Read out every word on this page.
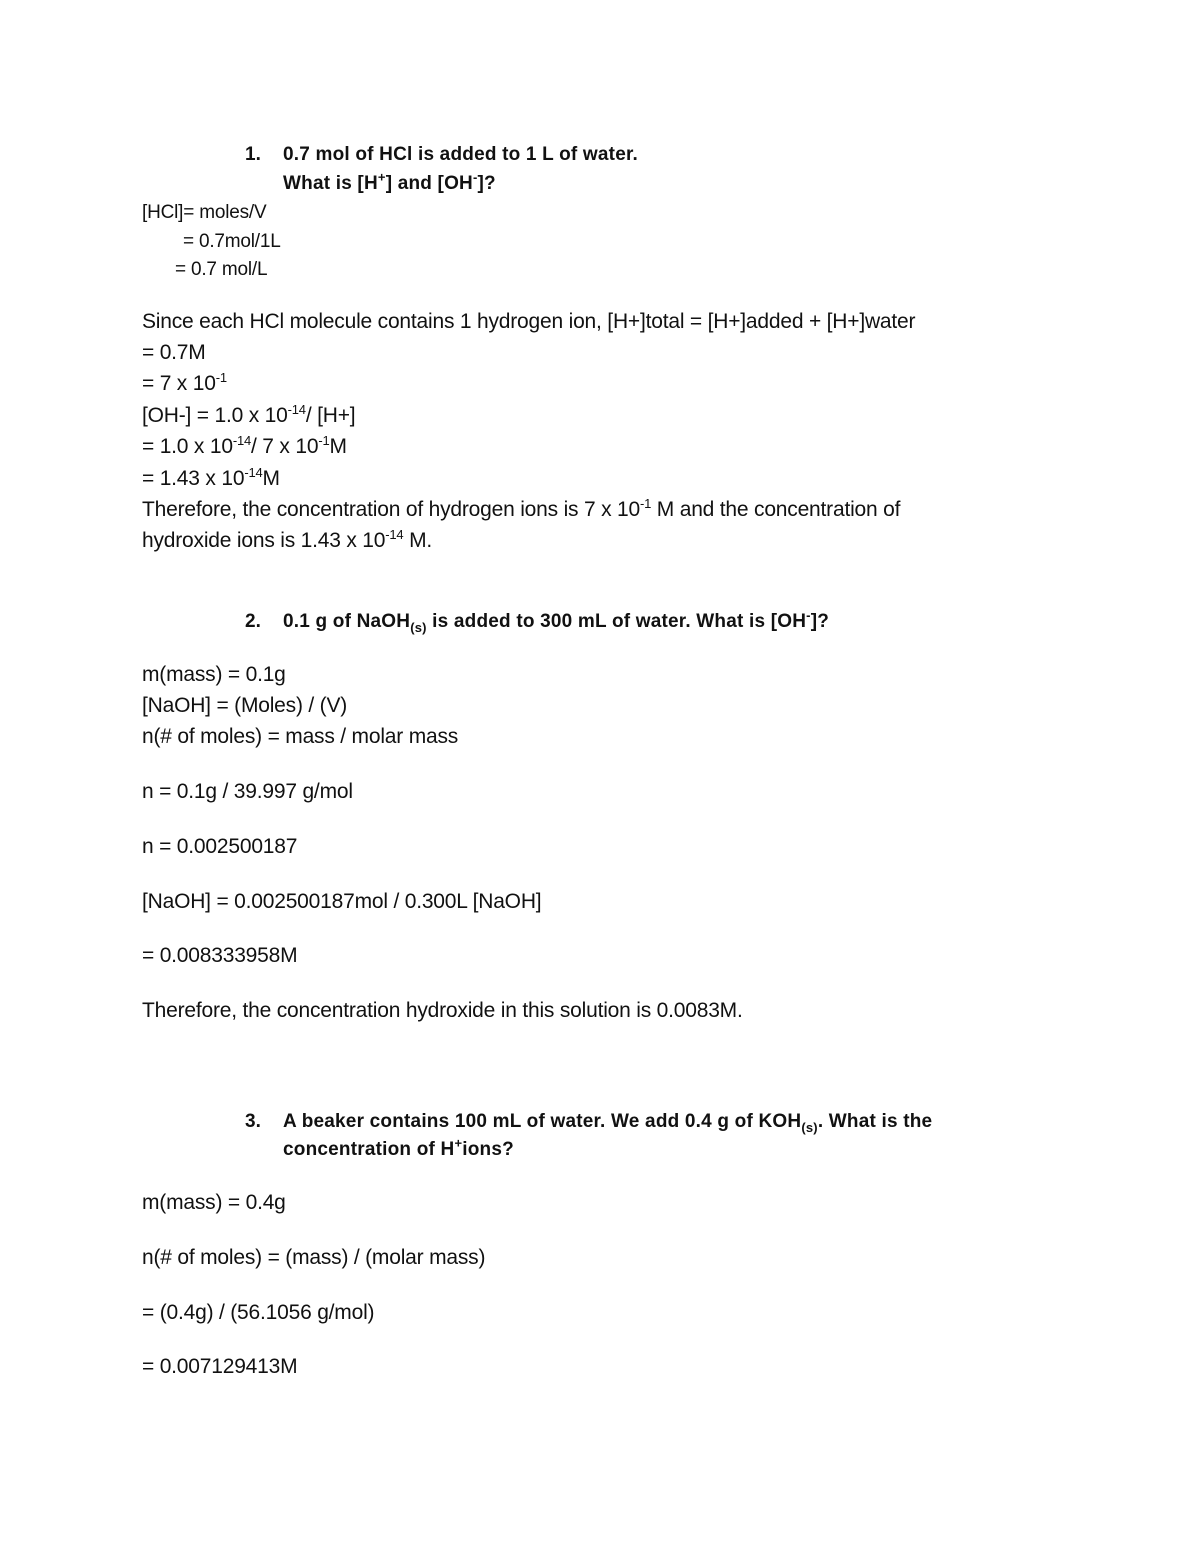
1. 0.7 mol of HCl is added to 1 L of water.
What is [H+] and [OH-]?
[HCl]= moles/V
= 0.7mol/1L
= 0.7 mol/L
Since each HCl molecule contains 1 hydrogen ion, [H+]total = [H+]added + [H+]water
= 0.7M
= 7 x $10^{-1}$
[OH-] = 1.0 x $10^{-14}/$ [H+]
= 1.0 x $10^{-14}/$ 7 x $10^{-1}M$
= 1.43 x $10^{-14}M$
Therefore, the concentration of hydrogen ions is 7 x $10^{-1}$ M and the concentration of
hydroxide ions is 1.43 x $10^{-14}$ M.
2. 0.1 g of NaOH$_{(s)}$ is added to 300 mL of water. What is [OH-]?
m(mass) = 0.1g
[NaOH] = (Moles) / (V)
n(# of moles) = mass / molar mass
n = 0.1g / 39.997 g/mol
n = 0.002500187
[NaOH] = 0.002500187mol / 0.300L [NaOH]
= 0.008333958M
Therefore, the concentration hydroxide in this solution is 0.0083M.
3. A beaker contains 100 mL of water. We add 0.4 g of $KOH_{(s)}$. What is the
concentration of H+ions?
m(mass) = 0.4g
n(# of moles) = (mass) / (molar mass)
= (0.4g) / (56.1056 g/mol)
= 0.007129413M
